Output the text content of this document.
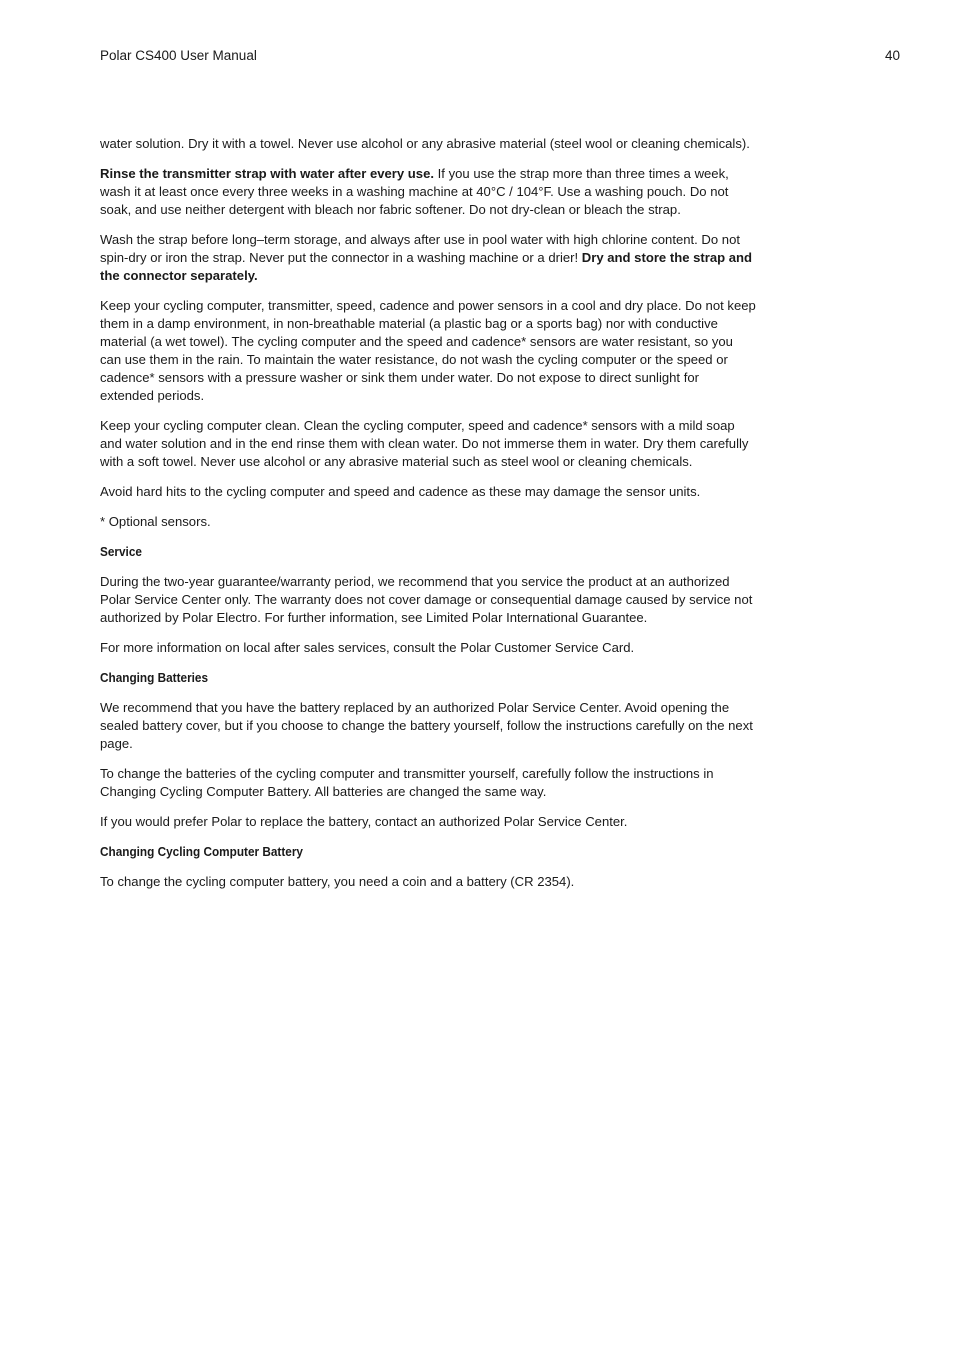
Polar CS400 User Manual	40

water solution. Dry it with a towel. Never use alcohol or any abrasive material (steel wool or cleaning chemicals).

Rinse the transmitter strap with water after every use. If you use the strap more than three times a week, wash it at least once every three weeks in a washing machine at 40°C / 104°F. Use a washing pouch. Do not soak, and use neither detergent with bleach nor fabric softener. Do not dry-clean or bleach the strap.

Wash the strap before long–term storage, and always after use in pool water with high chlorine content. Do not spin-dry or iron the strap. Never put the connector in a washing machine or a drier! Dry and store the strap and the connector separately.

Keep your cycling computer, transmitter, speed, cadence and power sensors in a cool and dry place. Do not keep them in a damp environment, in non-breathable material (a plastic bag or a sports bag) nor with conductive material (a wet towel). The cycling computer and the speed and cadence* sensors are water resistant, so you can use them in the rain. To maintain the water resistance, do not wash the cycling computer or the speed or cadence* sensors with a pressure washer or sink them under water. Do not expose to direct sunlight for extended periods.

Keep your cycling computer clean. Clean the cycling computer, speed and cadence* sensors with a mild soap and water solution and in the end rinse them with clean water. Do not immerse them in water. Dry them carefully with a soft towel. Never use alcohol or any abrasive material such as steel wool or cleaning chemicals.

Avoid hard hits to the cycling computer and speed and cadence as these may damage the sensor units.

* Optional sensors.

Service

During the two-year guarantee/warranty period, we recommend that you service the product at an authorized Polar Service Center only. The warranty does not cover damage or consequential damage caused by service not authorized by Polar Electro. For further information, see Limited Polar International Guarantee.

For more information on local after sales services, consult the Polar Customer Service Card.

Changing Batteries

We recommend that you have the battery replaced by an authorized Polar Service Center. Avoid opening the sealed battery cover, but if you choose to change the battery yourself, follow the instructions carefully on the next page.

To change the batteries of the cycling computer and transmitter yourself, carefully follow the instructions in Changing Cycling Computer Battery. All batteries are changed the same way.

If you would prefer Polar to replace the battery, contact an authorized Polar Service Center.

Changing Cycling Computer Battery

To change the cycling computer battery, you need a coin and a battery (CR 2354).
